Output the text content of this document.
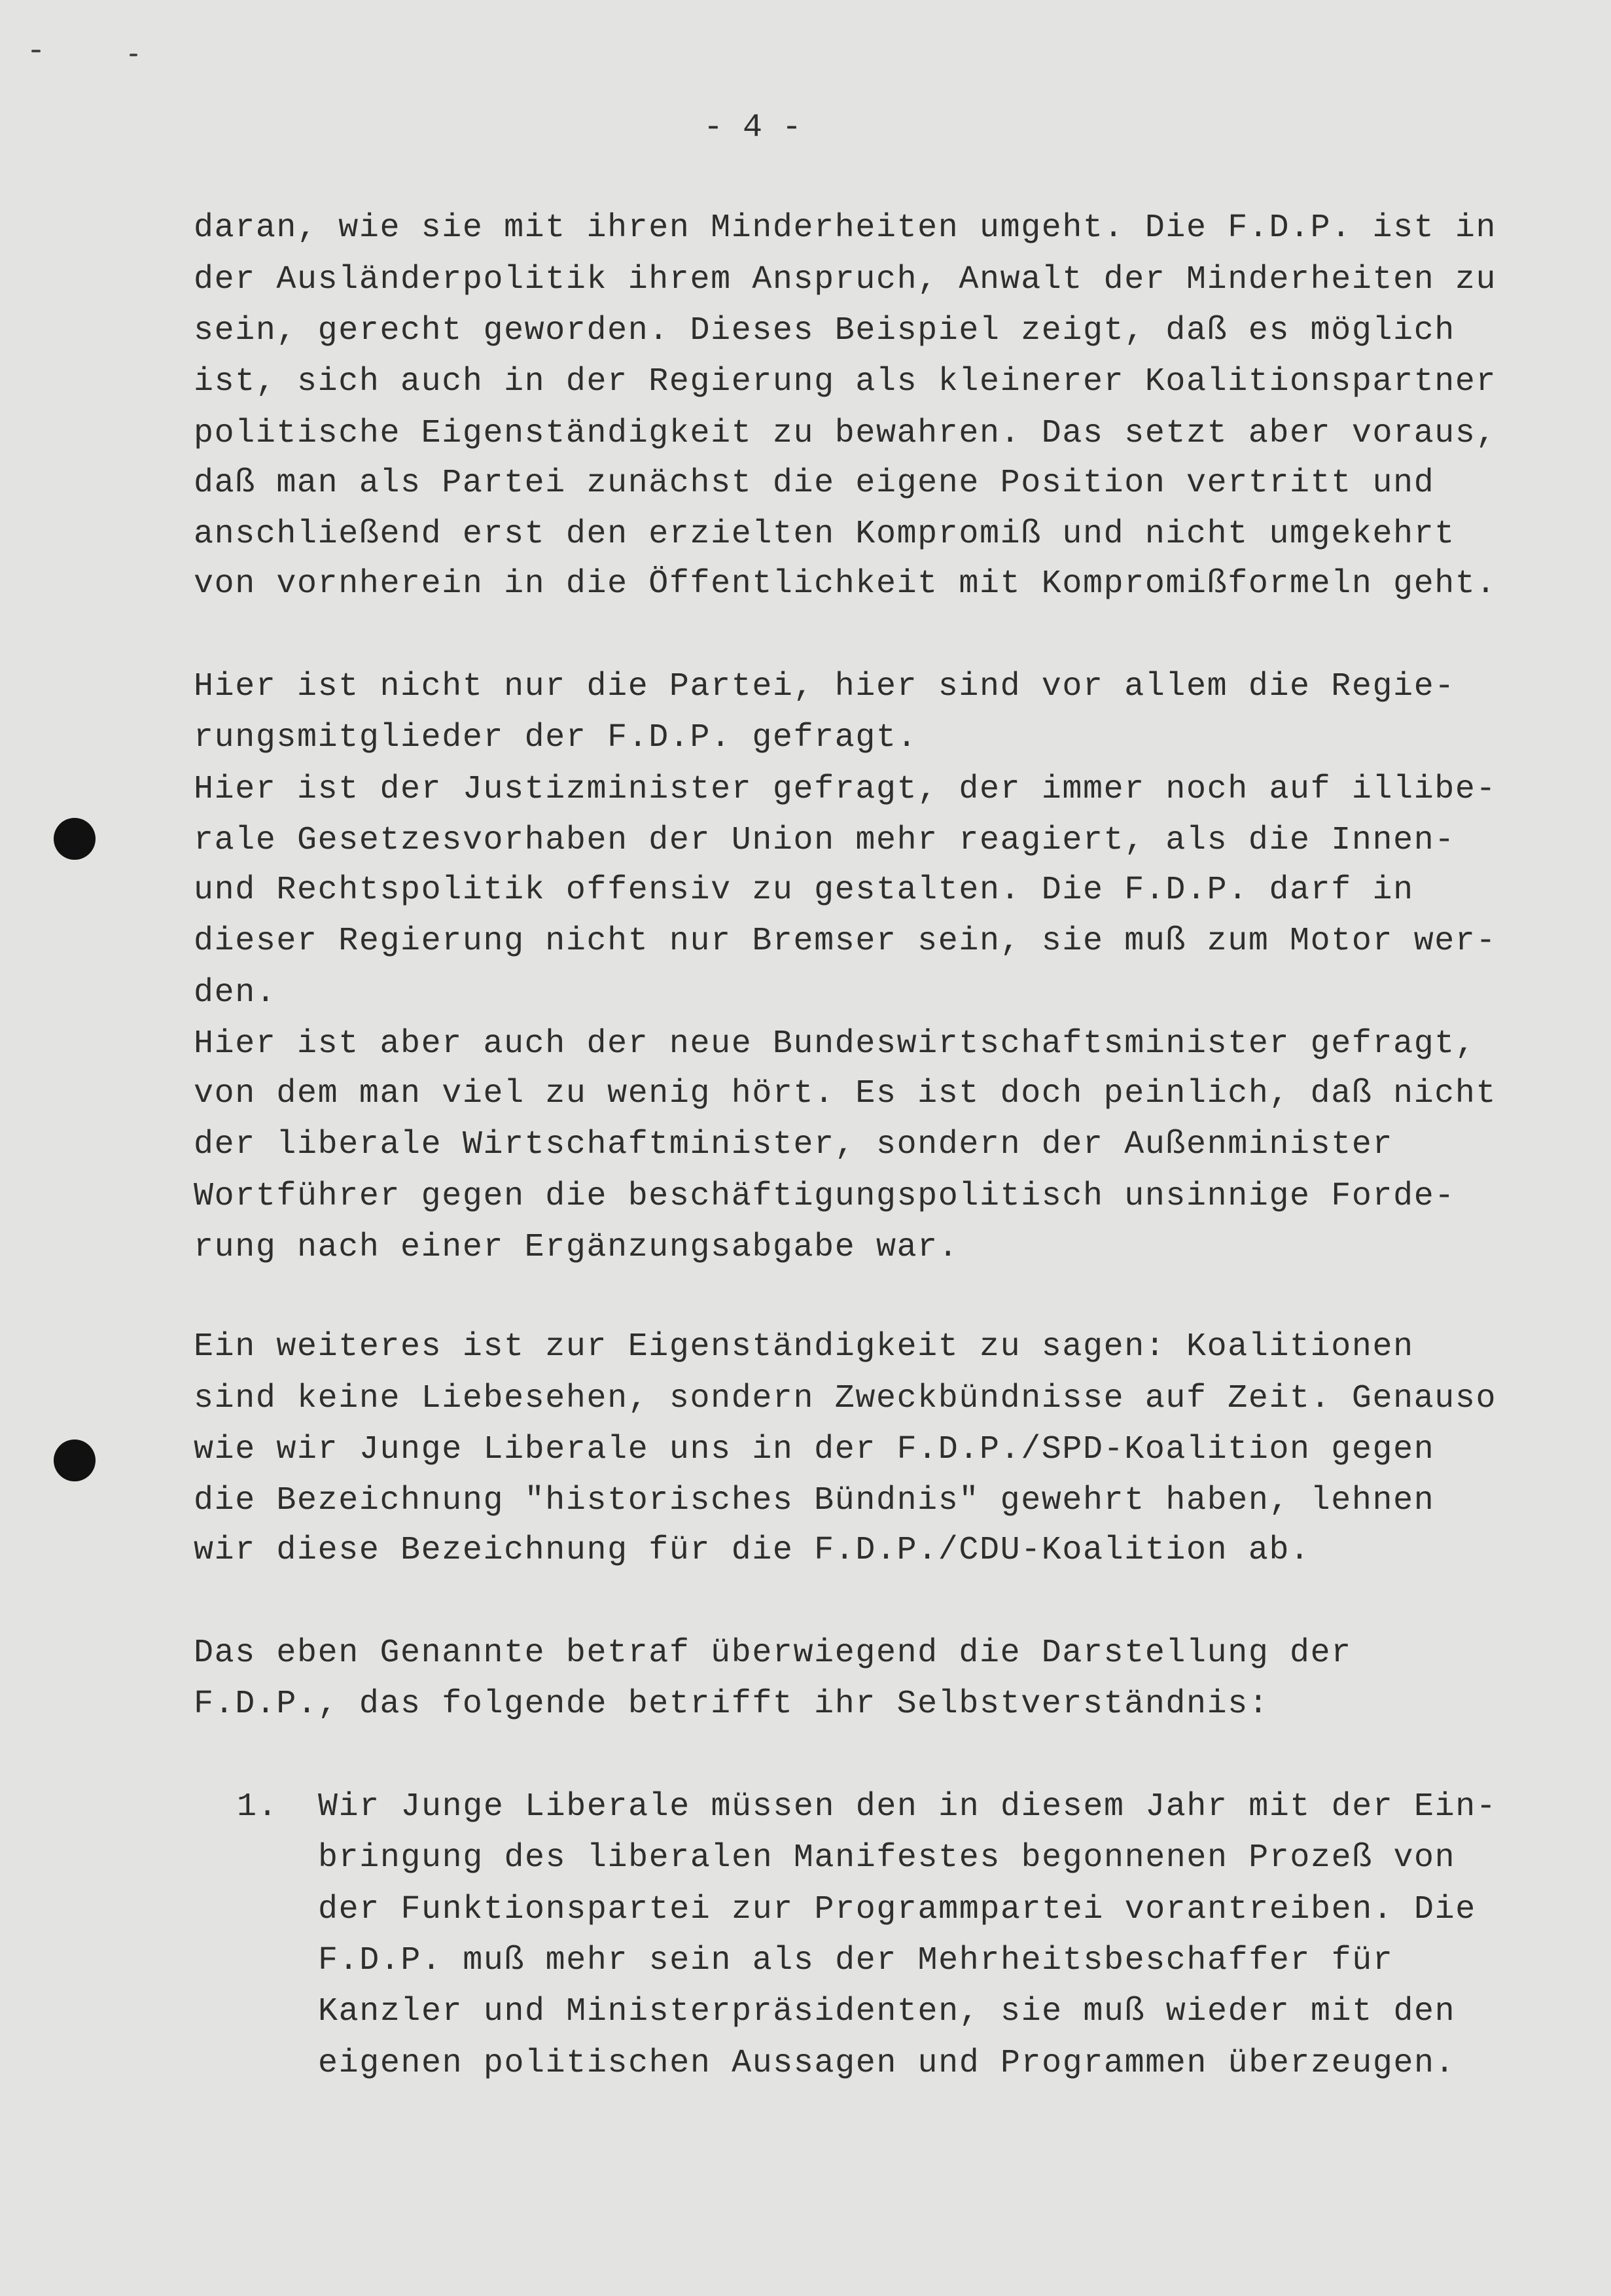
- 4 -
daran, wie sie mit ihren Minderheiten umgeht. Die F.D.P. ist in
der Ausländerpolitik ihrem Anspruch, Anwalt der Minderheiten zu
sein, gerecht geworden. Dieses Beispiel zeigt, daß es möglich
ist, sich auch in der Regierung als kleinerer Koalitionspartner
politische Eigenständigkeit zu bewahren. Das setzt aber voraus,
daß man als Partei zunächst die eigene Position vertritt und
anschließend erst den erzielten Kompromiß und nicht umgekehrt
von vornherein in die Öffentlichkeit mit Kompromißformeln geht.
Hier ist nicht nur die Partei, hier sind vor allem die Regie-
rungsmitglieder der F.D.P. gefragt.
Hier ist der Justizminister gefragt, der immer noch auf illibe-
rale Gesetzesvorhaben der Union mehr reagiert, als die Innen-
und Rechtspolitik offensiv zu gestalten. Die F.D.P. darf in
dieser Regierung nicht nur Bremser sein, sie muß zum Motor wer-
den.
Hier ist aber auch der neue Bundeswirtschaftsminister gefragt,
von dem man viel zu wenig hört. Es ist doch peinlich, daß nicht
der liberale Wirtschaftminister, sondern der Außenminister
Wortführer gegen die beschäftigungspolitisch unsinnige Forde-
rung nach einer Ergänzungsabgabe war.
Ein weiteres ist zur Eigenständigkeit zu sagen: Koalitionen
sind keine Liebesehen, sondern Zweckbündnisse auf Zeit. Genauso
wie wir Junge Liberale uns in der F.D.P./SPD-Koalition gegen
die Bezeichnung "historisches Bündnis" gewehrt haben, lehnen
wir diese Bezeichnung für die F.D.P./CDU-Koalition ab.
Das eben Genannte betraf überwiegend die Darstellung der
F.D.P., das folgende betrifft ihr Selbstverständnis:
1. Wir Junge Liberale müssen den in diesem Jahr mit der Ein-
bringung des liberalen Manifestes begonnenen Prozeß von
der Funktionspartei zur Programmpartei vorantreiben. Die
F.D.P. muß mehr sein als der Mehrheitsbeschaffer für
Kanzler und Ministerpräsidenten, sie muß wieder mit den
eigenen politischen Aussagen und Programmen überzeugen.
